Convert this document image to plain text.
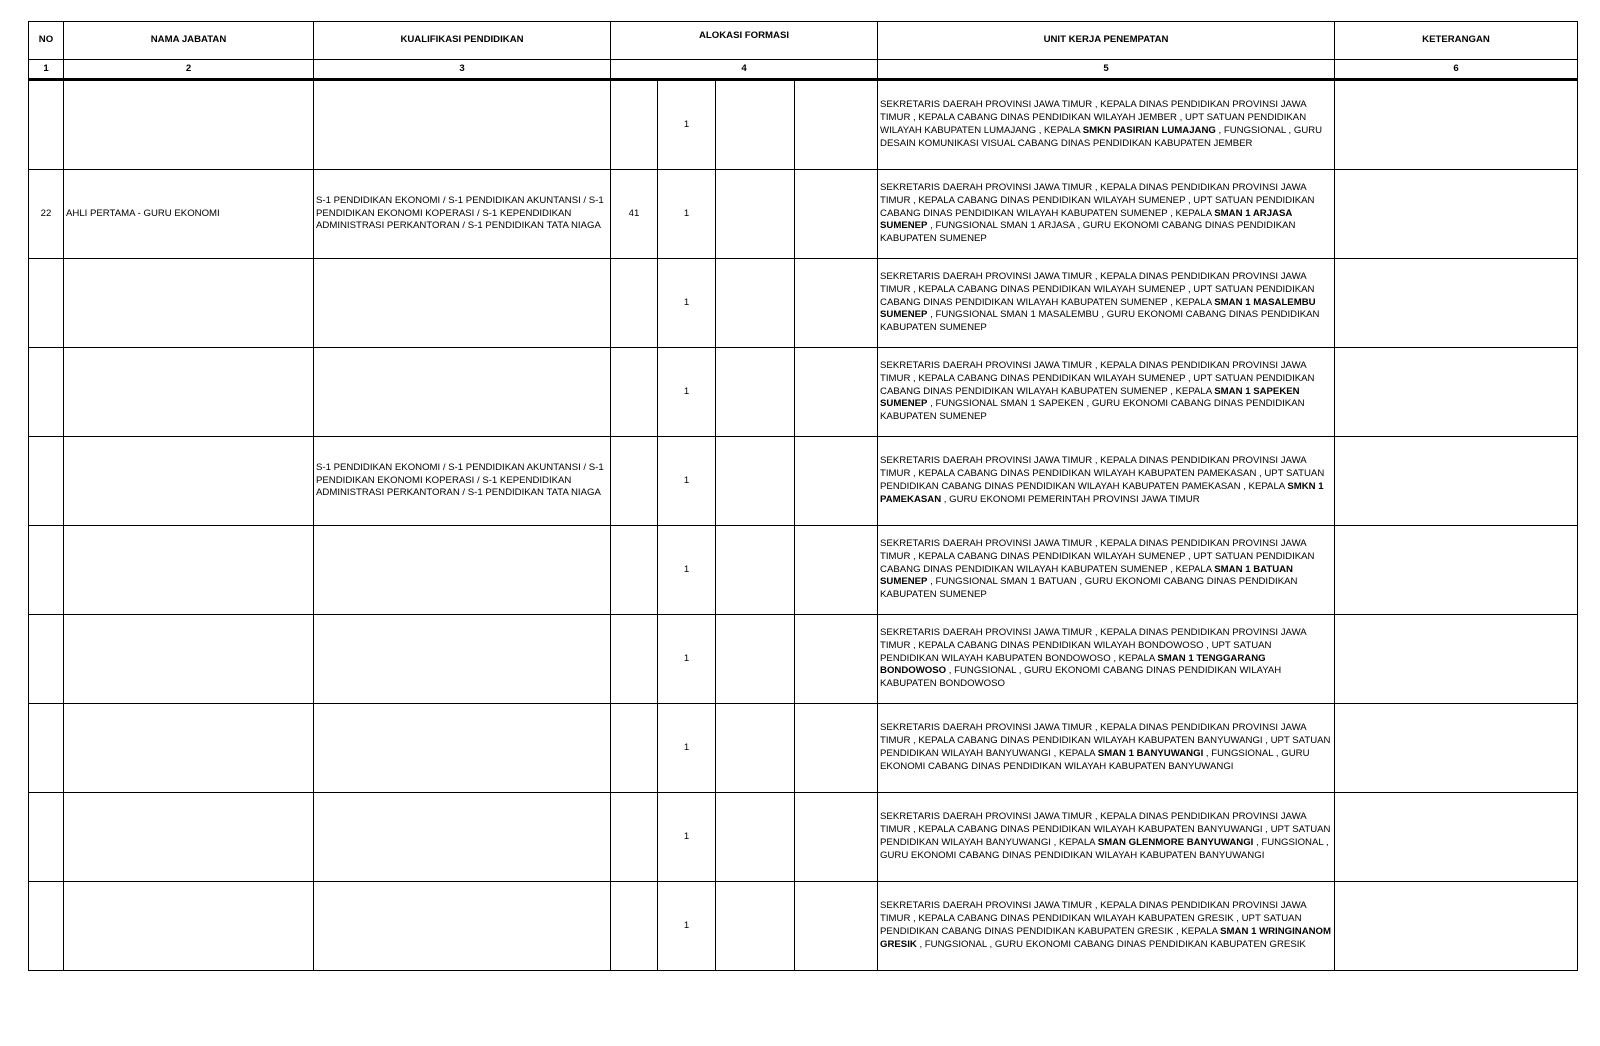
NO	NAMA JABATAN	KUALIFIKASI PENDIDIKAN	ALOKASI FORMASI				UNIT KERJA PENEMPATAN	KETERANGAN
1	2	3	4				5	6
				1			SEKRETARIS DAERAH PROVINSI JAWA TIMUR , KEPALA DINAS PENDIDIKAN PROVINSI JAWA TIMUR , KEPALA CABANG DINAS PENDIDIKAN WILAYAH JEMBER , UPT SATUAN PENDIDIKAN WILAYAH KABUPATEN LUMAJANG , KEPALA SMKN PASIRIAN LUMAJANG , FUNGSIONAL , GURU DESAIN KOMUNIKASI VISUAL CABANG DINAS PENDIDIKAN KABUPATEN JEMBER	
22	AHLI PERTAMA - GURU EKONOMI	S-1 PENDIDIKAN EKONOMI / S-1 PENDIDIKAN AKUNTANSI / S-1 PENDIDIKAN EKONOMI KOPERASI / S-1 KEPENDIDIKAN ADMINISTRASI PERKANTORAN / S-1 PENDIDIKAN TATA NIAGA	41	1			SEKRETARIS DAERAH PROVINSI JAWA TIMUR , KEPALA DINAS PENDIDIKAN PROVINSI JAWA TIMUR , KEPALA CABANG DINAS PENDIDIKAN WILAYAH SUMENEP , UPT SATUAN PENDIDIKAN CABANG DINAS PENDIDIKAN WILAYAH KABUPATEN SUMENEP , KEPALA SMAN 1 ARJASA SUMENEP , FUNGSIONAL SMAN 1 ARJASA , GURU EKONOMI CABANG DINAS PENDIDIKAN KABUPATEN SUMENEP	
				1			SEKRETARIS DAERAH PROVINSI JAWA TIMUR , KEPALA DINAS PENDIDIKAN PROVINSI JAWA TIMUR , KEPALA CABANG DINAS PENDIDIKAN WILAYAH SUMENEP , UPT SATUAN PENDIDIKAN CABANG DINAS PENDIDIKAN WILAYAH KABUPATEN SUMENEP , KEPALA SMAN 1 MASALEMBU SUMENEP , FUNGSIONAL SMAN 1 MASALEMBU , GURU EKONOMI CABANG DINAS PENDIDIKAN KABUPATEN SUMENEP	
				1			SEKRETARIS DAERAH PROVINSI JAWA TIMUR , KEPALA DINAS PENDIDIKAN PROVINSI JAWA TIMUR , KEPALA CABANG DINAS PENDIDIKAN WILAYAH SUMENEP , UPT SATUAN PENDIDIKAN CABANG DINAS PENDIDIKAN WILAYAH KABUPATEN SUMENEP , KEPALA SMAN 1 SAPEKEN SUMENEP , FUNGSIONAL SMAN 1 SAPEKEN , GURU EKONOMI CABANG DINAS PENDIDIKAN KABUPATEN SUMENEP	
		S-1 PENDIDIKAN EKONOMI / S-1 PENDIDIKAN AKUNTANSI / S-1 PENDIDIKAN EKONOMI KOPERASI / S-1 KEPENDIDIKAN ADMINISTRASI PERKANTORAN / S-1 PENDIDIKAN TATA NIAGA		1			SEKRETARIS DAERAH PROVINSI JAWA TIMUR , KEPALA DINAS PENDIDIKAN PROVINSI JAWA TIMUR , KEPALA CABANG DINAS PENDIDIKAN WILAYAH KABUPATEN PAMEKASAN , UPT SATUAN PENDIDIKAN CABANG DINAS PENDIDIKAN WILAYAH KABUPATEN PAMEKASAN , KEPALA SMKN 1 PAMEKASAN , GURU EKONOMI PEMERINTAH PROVINSI JAWA TIMUR	
				1			SEKRETARIS DAERAH PROVINSI JAWA TIMUR , KEPALA DINAS PENDIDIKAN PROVINSI JAWA TIMUR , KEPALA CABANG DINAS PENDIDIKAN WILAYAH SUMENEP , UPT SATUAN PENDIDIKAN CABANG DINAS PENDIDIKAN WILAYAH KABUPATEN SUMENEP , KEPALA SMAN 1 BATUAN SUMENEP , FUNGSIONAL SMAN 1 BATUAN , GURU EKONOMI CABANG DINAS PENDIDIKAN KABUPATEN SUMENEP	
				1			SEKRETARIS DAERAH PROVINSI JAWA TIMUR , KEPALA DINAS PENDIDIKAN PROVINSI JAWA TIMUR , KEPALA CABANG DINAS PENDIDIKAN WILAYAH BONDOWOSO , UPT SATUAN PENDIDIKAN WILAYAH KABUPATEN BONDOWOSO , KEPALA SMAN 1 TENGGARANG BONDOWOSO , FUNGSIONAL , GURU EKONOMI CABANG DINAS PENDIDIKAN WILAYAH KABUPATEN BONDOWOSO	
				1			SEKRETARIS DAERAH PROVINSI JAWA TIMUR , KEPALA DINAS PENDIDIKAN PROVINSI JAWA TIMUR , KEPALA CABANG DINAS PENDIDIKAN WILAYAH KABUPATEN BANYUWANGI , UPT SATUAN PENDIDIKAN WILAYAH BANYUWANGI , KEPALA SMAN 1 BANYUWANGI , FUNGSIONAL , GURU EKONOMI CABANG DINAS PENDIDIKAN WILAYAH KABUPATEN BANYUWANGI	
				1			SEKRETARIS DAERAH PROVINSI JAWA TIMUR , KEPALA DINAS PENDIDIKAN PROVINSI JAWA TIMUR , KEPALA CABANG DINAS PENDIDIKAN WILAYAH KABUPATEN BANYUWANGI , UPT SATUAN PENDIDIKAN WILAYAH BANYUWANGI , KEPALA SMAN GLENMORE BANYUWANGI , FUNGSIONAL , GURU EKONOMI CABANG DINAS PENDIDIKAN WILAYAH KABUPATEN BANYUWANGI	
				1			SEKRETARIS DAERAH PROVINSI JAWA TIMUR , KEPALA DINAS PENDIDIKAN PROVINSI JAWA TIMUR , KEPALA CABANG DINAS PENDIDIKAN WILAYAH KABUPATEN GRESIK , UPT SATUAN PENDIDIKAN CABANG DINAS PENDIDIKAN KABUPATEN GRESIK , KEPALA SMAN 1 WRINGINANOM GRESIK , FUNGSIONAL , GURU EKONOMI CABANG DINAS PENDIDIKAN KABUPATEN GRESIK	
